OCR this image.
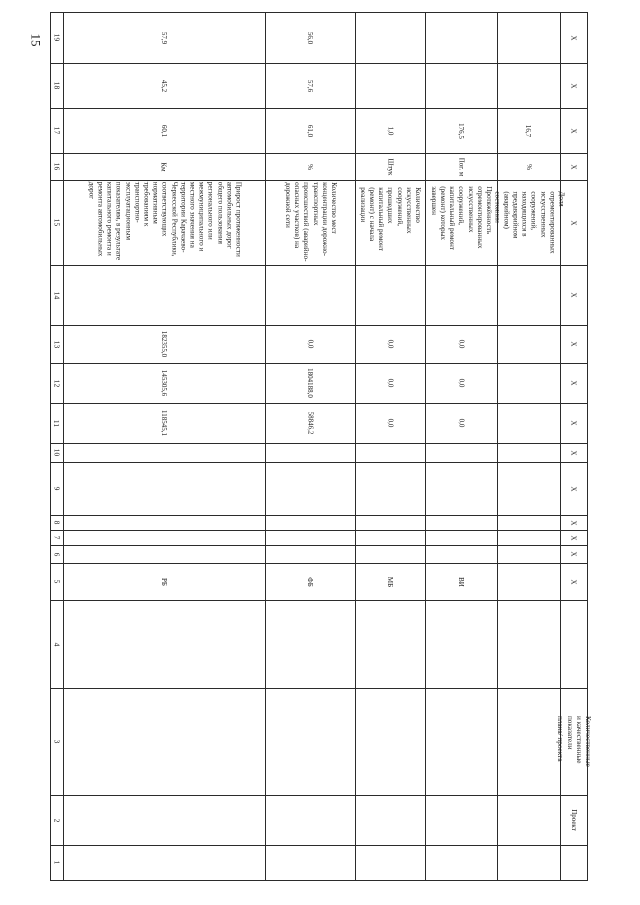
15
1
2
3
4
5
6
7
8
9
10
11
12
13
14
15
16
17
18
19
РБ
118545,1
145305,6
182355,0
Км
60,1
45,2
57,9
Прирост протяженности автомобильных дорог общего пользования регионального или межмуниципального и местного значения на территории Карачаево-Черкесской Республики, соответствующих нормативным требованиям к транспортно-эксплуатационным показателям, в результате капитального ремонта и ремонта автомобильных дорог
ФБ
58846,2
1804188,0
0,0
%
61,0
57,6
56,0
Количество мест концентрации дорожно-транспортных происшествий (аварийно-опасных участков) на дорожной сети
МБ
0,0
0,0
0,0
Штук
1,0
Количество искусственных сооружений, прошедших капитальный ремонт (ремонт) с начала реализации
ВИ
0,0
0,0
0,0
Пог. м
176,5
Протяжённость отремонтированных искусственных сооружений, капитальный ремонт (ремонт) которых завершен
%
16,7
Доля отремонтированных искусственных сооружений, находящихся в предаварийном (аварийном) состоянии
Проект
Количественные и качественные показатели плана/ проекта
Х
Х
Х
Х
Х
Х
Х
Х
Х
Х
Х
Х
Х
Х
Х
